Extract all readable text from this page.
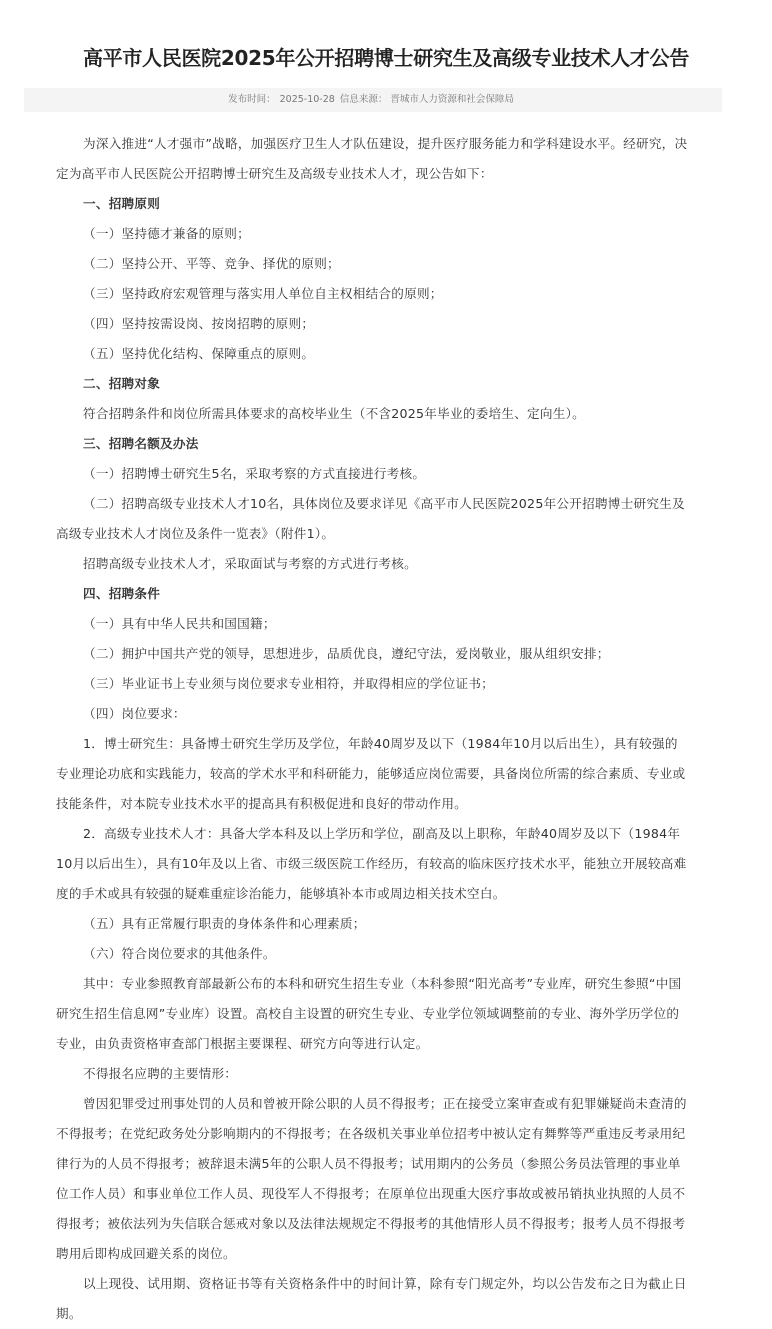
高平市人民医院2025年公开招聘博士研究生及高级专业技术人才公告
发布时间： 2025-10-28 信息来源： 晋城市人力资源和社会保障局

为深入推进“人才强市”战略，加强医疗卫生人才队伍建设，提升医疗服务能力和学科建设水平。经研究，决定为高平市人民医院公开招聘博士研究生及高级专业技术人才，现公告如下：

一、招聘原则

（一）坚持德才兼备的原则；

（二）坚持公开、平等、竞争、择优的原则；

（三）坚持政府宏观管理与落实用人单位自主权相结合的原则；

（四）坚持按需设岗、按岗招聘的原则；

（五）坚持优化结构、保障重点的原则。

二、招聘对象

符合招聘条件和岗位所需具体要求的高校毕业生（不含2025年毕业的委培生、定向生）。

三、招聘名额及办法

（一）招聘博士研究生5名，采取考察的方式直接进行考核。

（二）招聘高级专业技术人才10名，具体岗位及要求详见《高平市人民医院2025年公开招聘博士研究生及高级专业技术人才岗位及条件一览表》（附件1）。

招聘高级专业技术人才，采取面试与考察的方式进行考核。

四、招聘条件

（一）具有中华人民共和国国籍；

（二）拥护中国共产党的领导，思想进步，品质优良，遵纪守法，爱岗敬业，服从组织安排；

（三）毕业证书上专业须与岗位要求专业相符，并取得相应的学位证书；

（四）岗位要求：

1．博士研究生：具备博士研究生学历及学位，年龄40周岁及以下（1984年10月以后出生），具有较强的专业理论功底和实践能力，较高的学术水平和科研能力，能够适应岗位需要，具备岗位所需的综合素质、专业或技能条件，对本院专业技术水平的提高具有积极促进和良好的带动作用。

2．高级专业技术人才：具备大学本科及以上学历和学位，副高及以上职称，年龄40周岁及以下（1984年10月以后出生），具有10年及以上省、市级三级医院工作经历，有较高的临床医疗技术水平，能独立开展较高难度的手术或具有较强的疑难重症诊治能力，能够填补本市或周边相关技术空白。

（五）具有正常履行职责的身体条件和心理素质；

（六）符合岗位要求的其他条件。

其中：专业参照教育部最新公布的本科和研究生招生专业（本科参照“阳光高考”专业库，研究生参照“中国研究生招生信息网”专业库）设置。高校自主设置的研究生专业、专业学位领域调整前的专业、海外学历学位的专业，由负责资格审查部门根据主要课程、研究方向等进行认定。

不得报名应聘的主要情形：

曾因犯罪受过刑事处罚的人员和曾被开除公职的人员不得报考；正在接受立案审查或有犯罪嫌疑尚未查清的不得报考；在党纪政务处分影响期内的不得报考；在各级机关事业单位招考中被认定有舞弊等严重违反考录用纪律行为的人员不得报考；被辞退未满5年的公职人员不得报考；试用期内的公务员（参照公务员法管理的事业单位工作人员）和事业单位工作人员、现役军人不得报考；在原单位出现重大医疗事故或被吊销执业执照的人员不得报考；被依法列为失信联合惩戒对象以及法律法规规定不得报考的其他情形人员不得报考；报考人员不得报考聘用后即构成回避关系的岗位。

以上现役、试用期、资格证书等有关资格条件中的时间计算，除有专门规定外，均以公告发布之日为截止日期。
